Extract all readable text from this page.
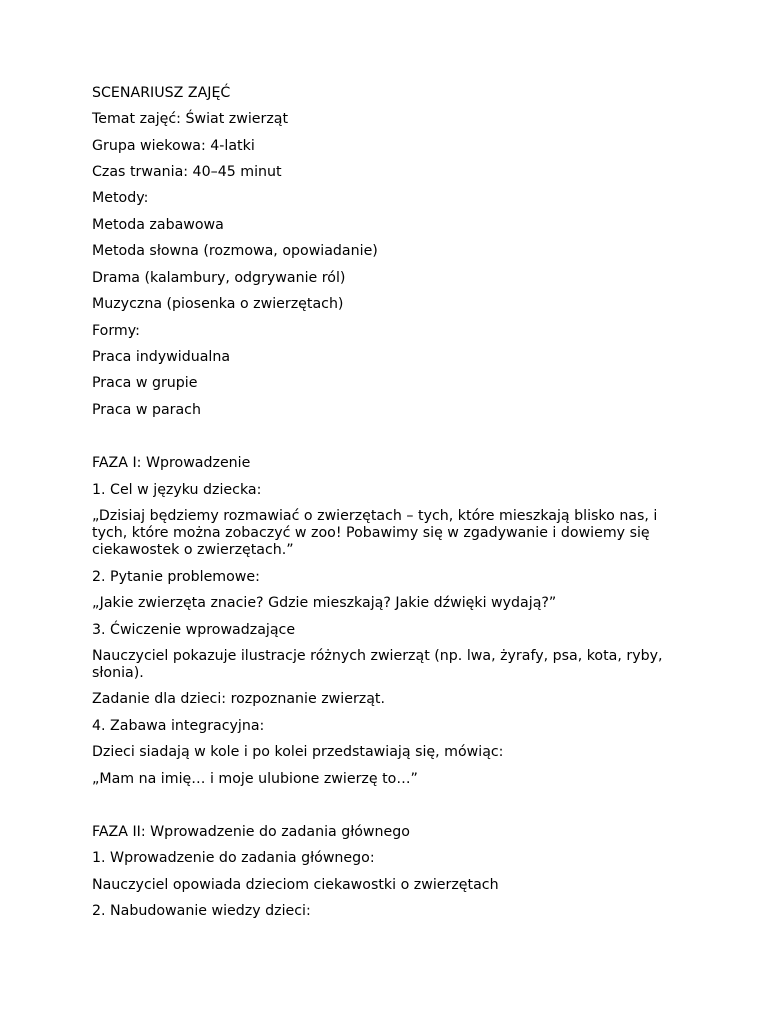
SCENARIUSZ ZAJĘĆ

Temat zajęć: Świat zwierząt

Grupa wiekowa: 4-latki

Czas trwania: 40–45 minut

Metody:

Metoda zabawowa

Metoda słowna (rozmowa, opowiadanie)

Drama (kalambury, odgrywanie ról)

Muzyczna (piosenka o zwierzętach)

Formy:

Praca indywidualna

Praca w grupie

Praca w parach

FAZA I: Wprowadzenie

1. Cel w języku dziecka:

„Dzisiaj będziemy rozmawiać o zwierzętach – tych, które mieszkają blisko nas, i tych, które można zobaczyć w zoo! Pobawimy się w zgadywanie i dowiemy się ciekawostek o zwierzętach.”

2. Pytanie problemowe:

„Jakie zwierzęta znacie? Gdzie mieszkają? Jakie dźwięki wydają?”

3. Ćwiczenie wprowadzające

Nauczyciel pokazuje ilustracje różnych zwierząt (np. lwa, żyrafy, psa, kota, ryby, słonia).

Zadanie dla dzieci: rozpoznanie zwierząt.

4. Zabawa integracyjna:

Dzieci siadają w kole i po kolei przedstawiają się, mówiąc:

„Mam na imię… i moje ulubione zwierzę to…”

FAZA II: Wprowadzenie do zadania głównego

1. Wprowadzenie do zadania głównego:

Nauczyciel opowiada dzieciom ciekawostki o zwierzętach

2. Nabudowanie wiedzy dzieci:
